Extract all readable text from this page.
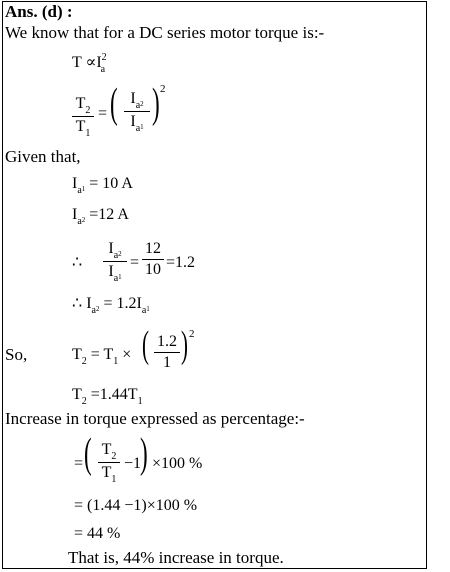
Ans. (d) :
We know that for a DC series motor torque is:-
$T \propto I^2_a$
$T_2$
$T_1$
= ( $I_a2$
$I_a1$ ) 2
Given that,
$I_a1 = 10$ A
$I_a2 =12$ A
∴
$I_a2$
$I_a1$
=
12
10 =1.2
∴ $I_a2 = 1.2I_a1$
So,	$T_2 = T_1$ × ( 1.2
1 ) 2
$T_2 =1.44T_1$
Increase in torque expressed as percentage:-
= ( $T_2$
$T_1$
−1
) ×100 %
= (1.44 −1)×100 %
= 44 %
That is, 44% increase in torque.
